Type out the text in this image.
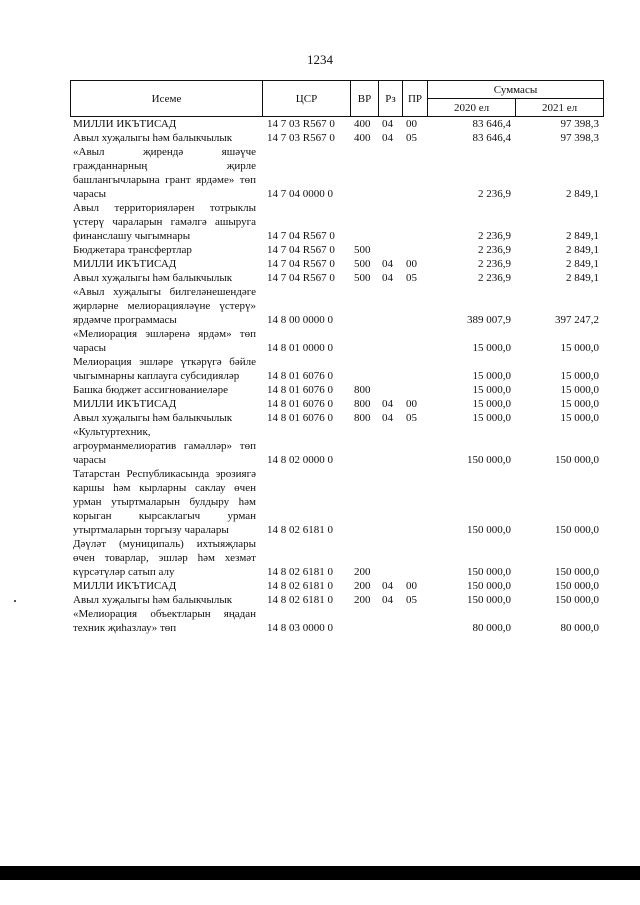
1234
Исеме	ЦСР	ВР	Рз	ПР	Суммасы	
					2020 ел	2021 ел
МИЛЛИ ИКЪТИСАД	14 7 03 R567 0	400	04	00	83 646,4	97 398,3
Авыл хуҗалыгы һәм балыкчылык	14 7 03 R567 0	400	04	05	83 646,4	97 398,3
«Авыл җирендә яшәүче гражданнарның җирле башлангычларына грант ярдәме» төп чарасы	14 7 04 0000 0				2 236,9	2 849,1
Авыл территорияләрен тотрыклы үстерү чараларын гамәлгә ашыруга финанслашу чыгымнары	14 7 04 R567 0				2 236,9	2 849,1
Бюджетара трансфертлар	14 7 04 R567 0	500			2 236,9	2 849,1
МИЛЛИ ИКЪТИСАД	14 7 04 R567 0	500	04	00	2 236,9	2 849,1
Авыл хуҗалыгы һәм балыкчылык	14 7 04 R567 0	500	04	05	2 236,9	2 849,1
«Авыл хуҗалыгы билгеләнешендәге җирләрне мелиорацияләүне үстерү» ярдәмче программасы	14 8 00 0000 0				389 007,9	397 247,2
«Мелиорация эшләренә ярдәм» төп чарасы	14 8 01 0000 0				15 000,0	15 000,0
Мелиорация эшләре үткәрүгә бәйле чыгымнарны каплауга субсидияләр	14 8 01 6076 0				15 000,0	15 000,0
Башка бюджет ассигнованиеләре	14 8 01 6076 0	800			15 000,0	15 000,0
МИЛЛИ ИКЪТИСАД	14 8 01 6076 0	800	04	00	15 000,0	15 000,0
Авыл хуҗалыгы һәм балыкчылык	14 8 01 6076 0	800	04	05	15 000,0	15 000,0
«Культуртехник, агроурманмелиоратив гамәлләр» төп чарасы	14 8 02 0000 0				150 000,0	150 000,0
Татарстан Республикасында эрозиягә каршы һәм кырларны саклау өчен урман утыртмаларын булдыру һәм корыган кырсаклагыч урман утыртмаларын торгызу чаралары	14 8 02 6181 0				150 000,0	150 000,0
Дәүләт (муниципаль) ихтыяҗлары өчен товарлар, эшләр һәм хезмәт күрсәтүләр сатып алу	14 8 02 6181 0	200			150 000,0	150 000,0
МИЛЛИ ИКЪТИСАД	14 8 02 6181 0	200	04	00	150 000,0	150 000,0
Авыл хуҗалыгы һәм балыкчылык	14 8 02 6181 0	200	04	05	150 000,0	150 000,0
«Мелиорация объектларын яңадан техник җиһазлау» төп	14 8 03 0000 0				80 000,0	80 000,0
